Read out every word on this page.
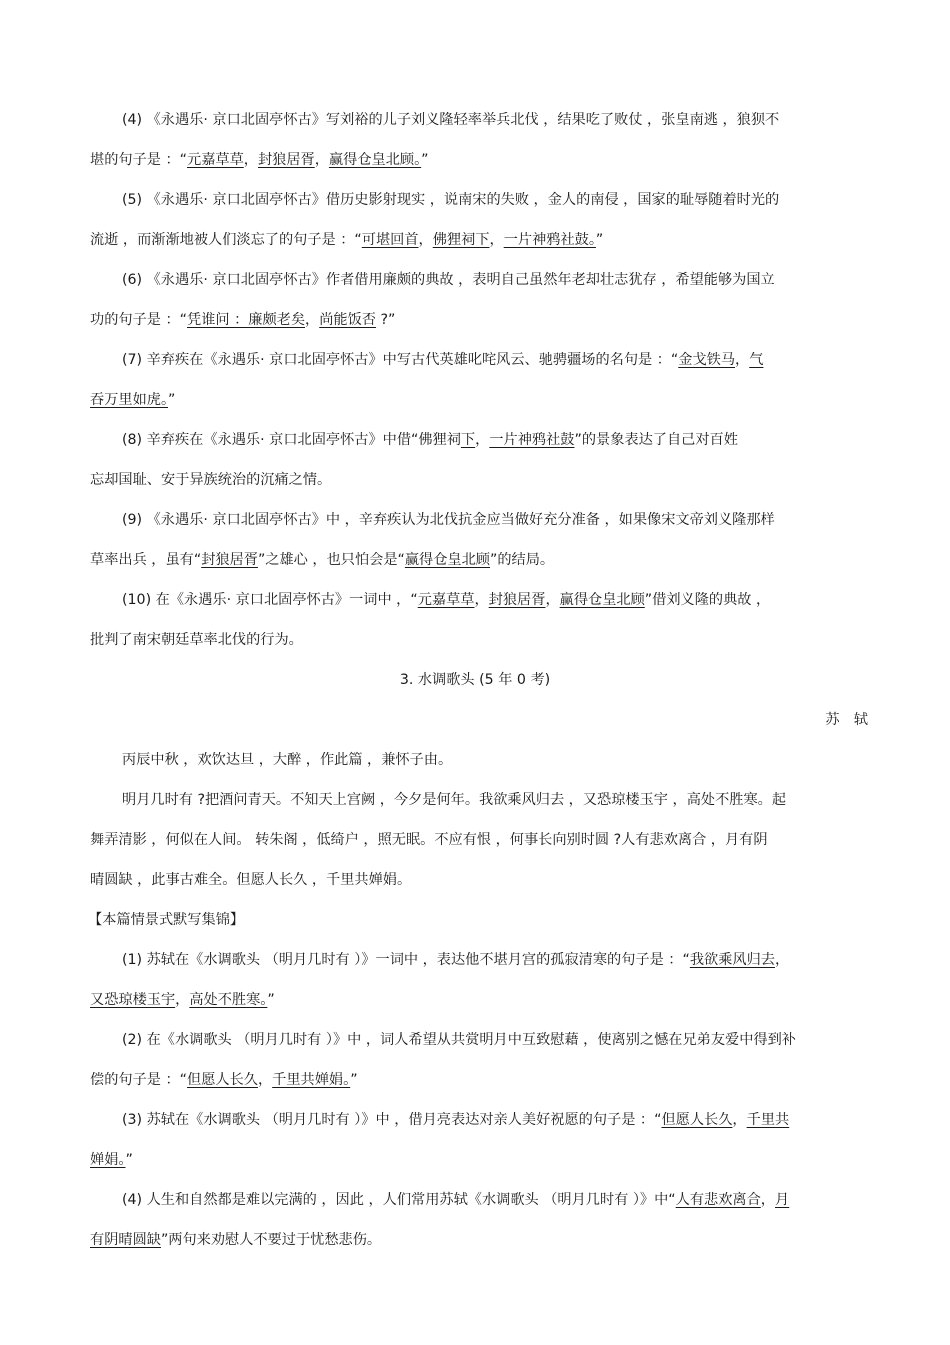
(4) 《永遇乐· 京口北固亭怀古》写刘裕的儿子刘义隆轻率举兵北伐 ，结果吃了败仗 ，张皇南逃 ，狼狈不
堪的句子是 ：“元嘉草草，封狼居胥，赢得仓皇北顾。”
(5) 《永遇乐· 京口北固亭怀古》借历史影射现实 ，说南宋的失败 ，金人的南侵 ，国家的耻辱随着时光的
流逝 ，而渐渐地被人们淡忘了的句子是 ：“可堪回首，佛狸祠下，一片神鸦社鼓。”
(6) 《永遇乐· 京口北固亭怀古》作者借用廉颇的典故 ，表明自己虽然年老却壮志犹存 ，希望能够为国立
功的句子是 ：“凭谁问 ：廉颇老矣，尚能饭否 ?”
(7) 辛弃疾在《永遇乐· 京口北固亭怀古》中写古代英雄叱咤风云、驰骋疆场的名句是 ：“金戈铁马，气
吞万里如虎。”
(8) 辛弃疾在《永遇乐· 京口北固亭怀古》中借“佛狸祠下，一片神鸦社鼓”的景象表达了自己对百姓
忘却国耻、安于异族统治的沉痛之情。
(9) 《永遇乐· 京口北固亭怀古》中 ，辛弃疾认为北伐抗金应当做好充分准备 ，如果像宋文帝刘义隆那样
草率出兵 ，虽有“封狼居胥”之雄心 ，也只怕会是“赢得仓皇北顾”的结局。
(10) 在《永遇乐· 京口北固亭怀古》一词中 ，“元嘉草草，封狼居胥，赢得仓皇北顾”借刘义隆的典故 ，
批判了南宋朝廷草率北伐的行为。
3. 水调歌头 (5 年 0 考)
苏　轼
丙辰中秋 ，欢饮达旦 ，大醉 ，作此篇 ，兼怀子由。
明月几时有 ?把酒问青天。不知天上宫阙 ，今夕是何年。我欲乘风归去 ，又恐琼楼玉宇 ，高处不胜寒。起
舞弄清影 ，何似在人间。 转朱阁 ，低绮户 ，照无眠。不应有恨 ，何事长向别时圆 ?人有悲欢离合 ，月有阴
晴圆缺 ，此事古难全。但愿人长久 ，千里共婵娟。
【本篇情景式默写集锦】
(1) 苏轼在《水调歌头 （明月几时有 ）》一词中 ，表达他不堪月宫的孤寂清寒的句子是 ：“我欲乘风归去，
又恐琼楼玉宇，高处不胜寒。”
(2) 在《水调歌头 （明月几时有 ）》中 ，词人希望从共赏明月中互致慰藉 ，使离别之憾在兄弟友爱中得到补
偿的句子是 ：“但愿人长久，千里共婵娟。”
(3) 苏轼在《水调歌头 （明月几时有 ）》中 ，借月亮表达对亲人美好祝愿的句子是 ：“但愿人长久，千里共
婵娟。”
(4) 人生和自然都是难以完满的 ，因此 ，人们常用苏轼《水调歌头 （明月几时有 ）》中“人有悲欢离合，月
有阴晴圆缺”两句来劝慰人不要过于忧愁悲伤。
